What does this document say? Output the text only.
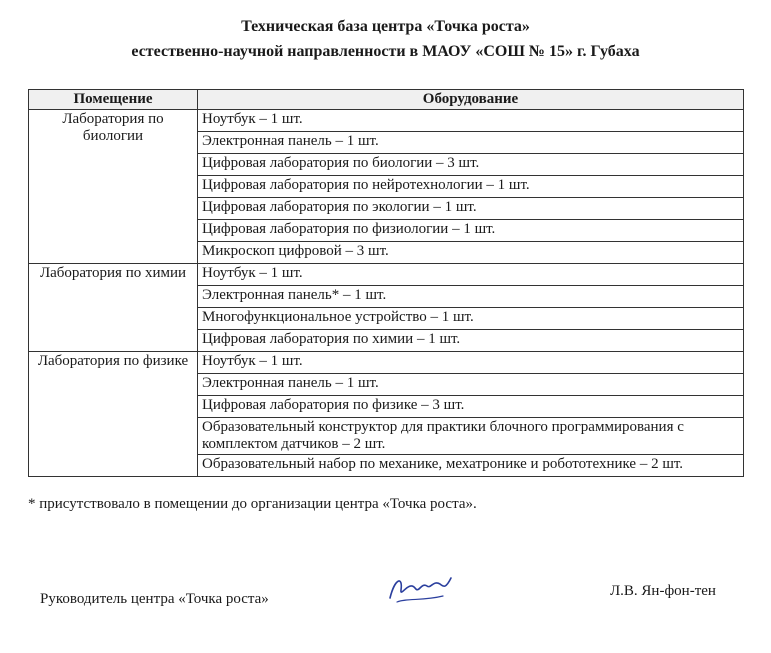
Техническая база центра «Точка роста»
естественно-научной направленности в МАОУ «СОШ № 15» г. Губаха
Помещение	Оборудование
Лаборатория по биологии	Ноутбук – 1 шт.
	Электронная панель – 1 шт.
	Цифровая лаборатория по биологии – 3 шт.
	Цифровая лаборатория по нейротехнологии – 1 шт.
	Цифровая лаборатория по экологии – 1 шт.
	Цифровая лаборатория по физиологии – 1 шт.
	Микроскоп цифровой – 3 шт.
Лаборатория по химии	Ноутбук – 1 шт.
	Электронная панель* – 1 шт.
	Многофункциональное устройство – 1 шт.
	Цифровая лаборатория по химии – 1 шт.
Лаборатория по физике	Ноутбук – 1 шт.
	Электронная панель – 1 шт.
	Цифровая лаборатория по физике – 3 шт.
	Образовательный конструктор для практики блочного программирования с комплектом датчиков – 2 шт.
	Образовательный набор по механике, мехатронике и робототехнике – 2 шт.
* присутствовало в помещении до организации центра «Точка роста».
Руководитель центра «Точка роста»	Л.В. Ян-фон-тен
